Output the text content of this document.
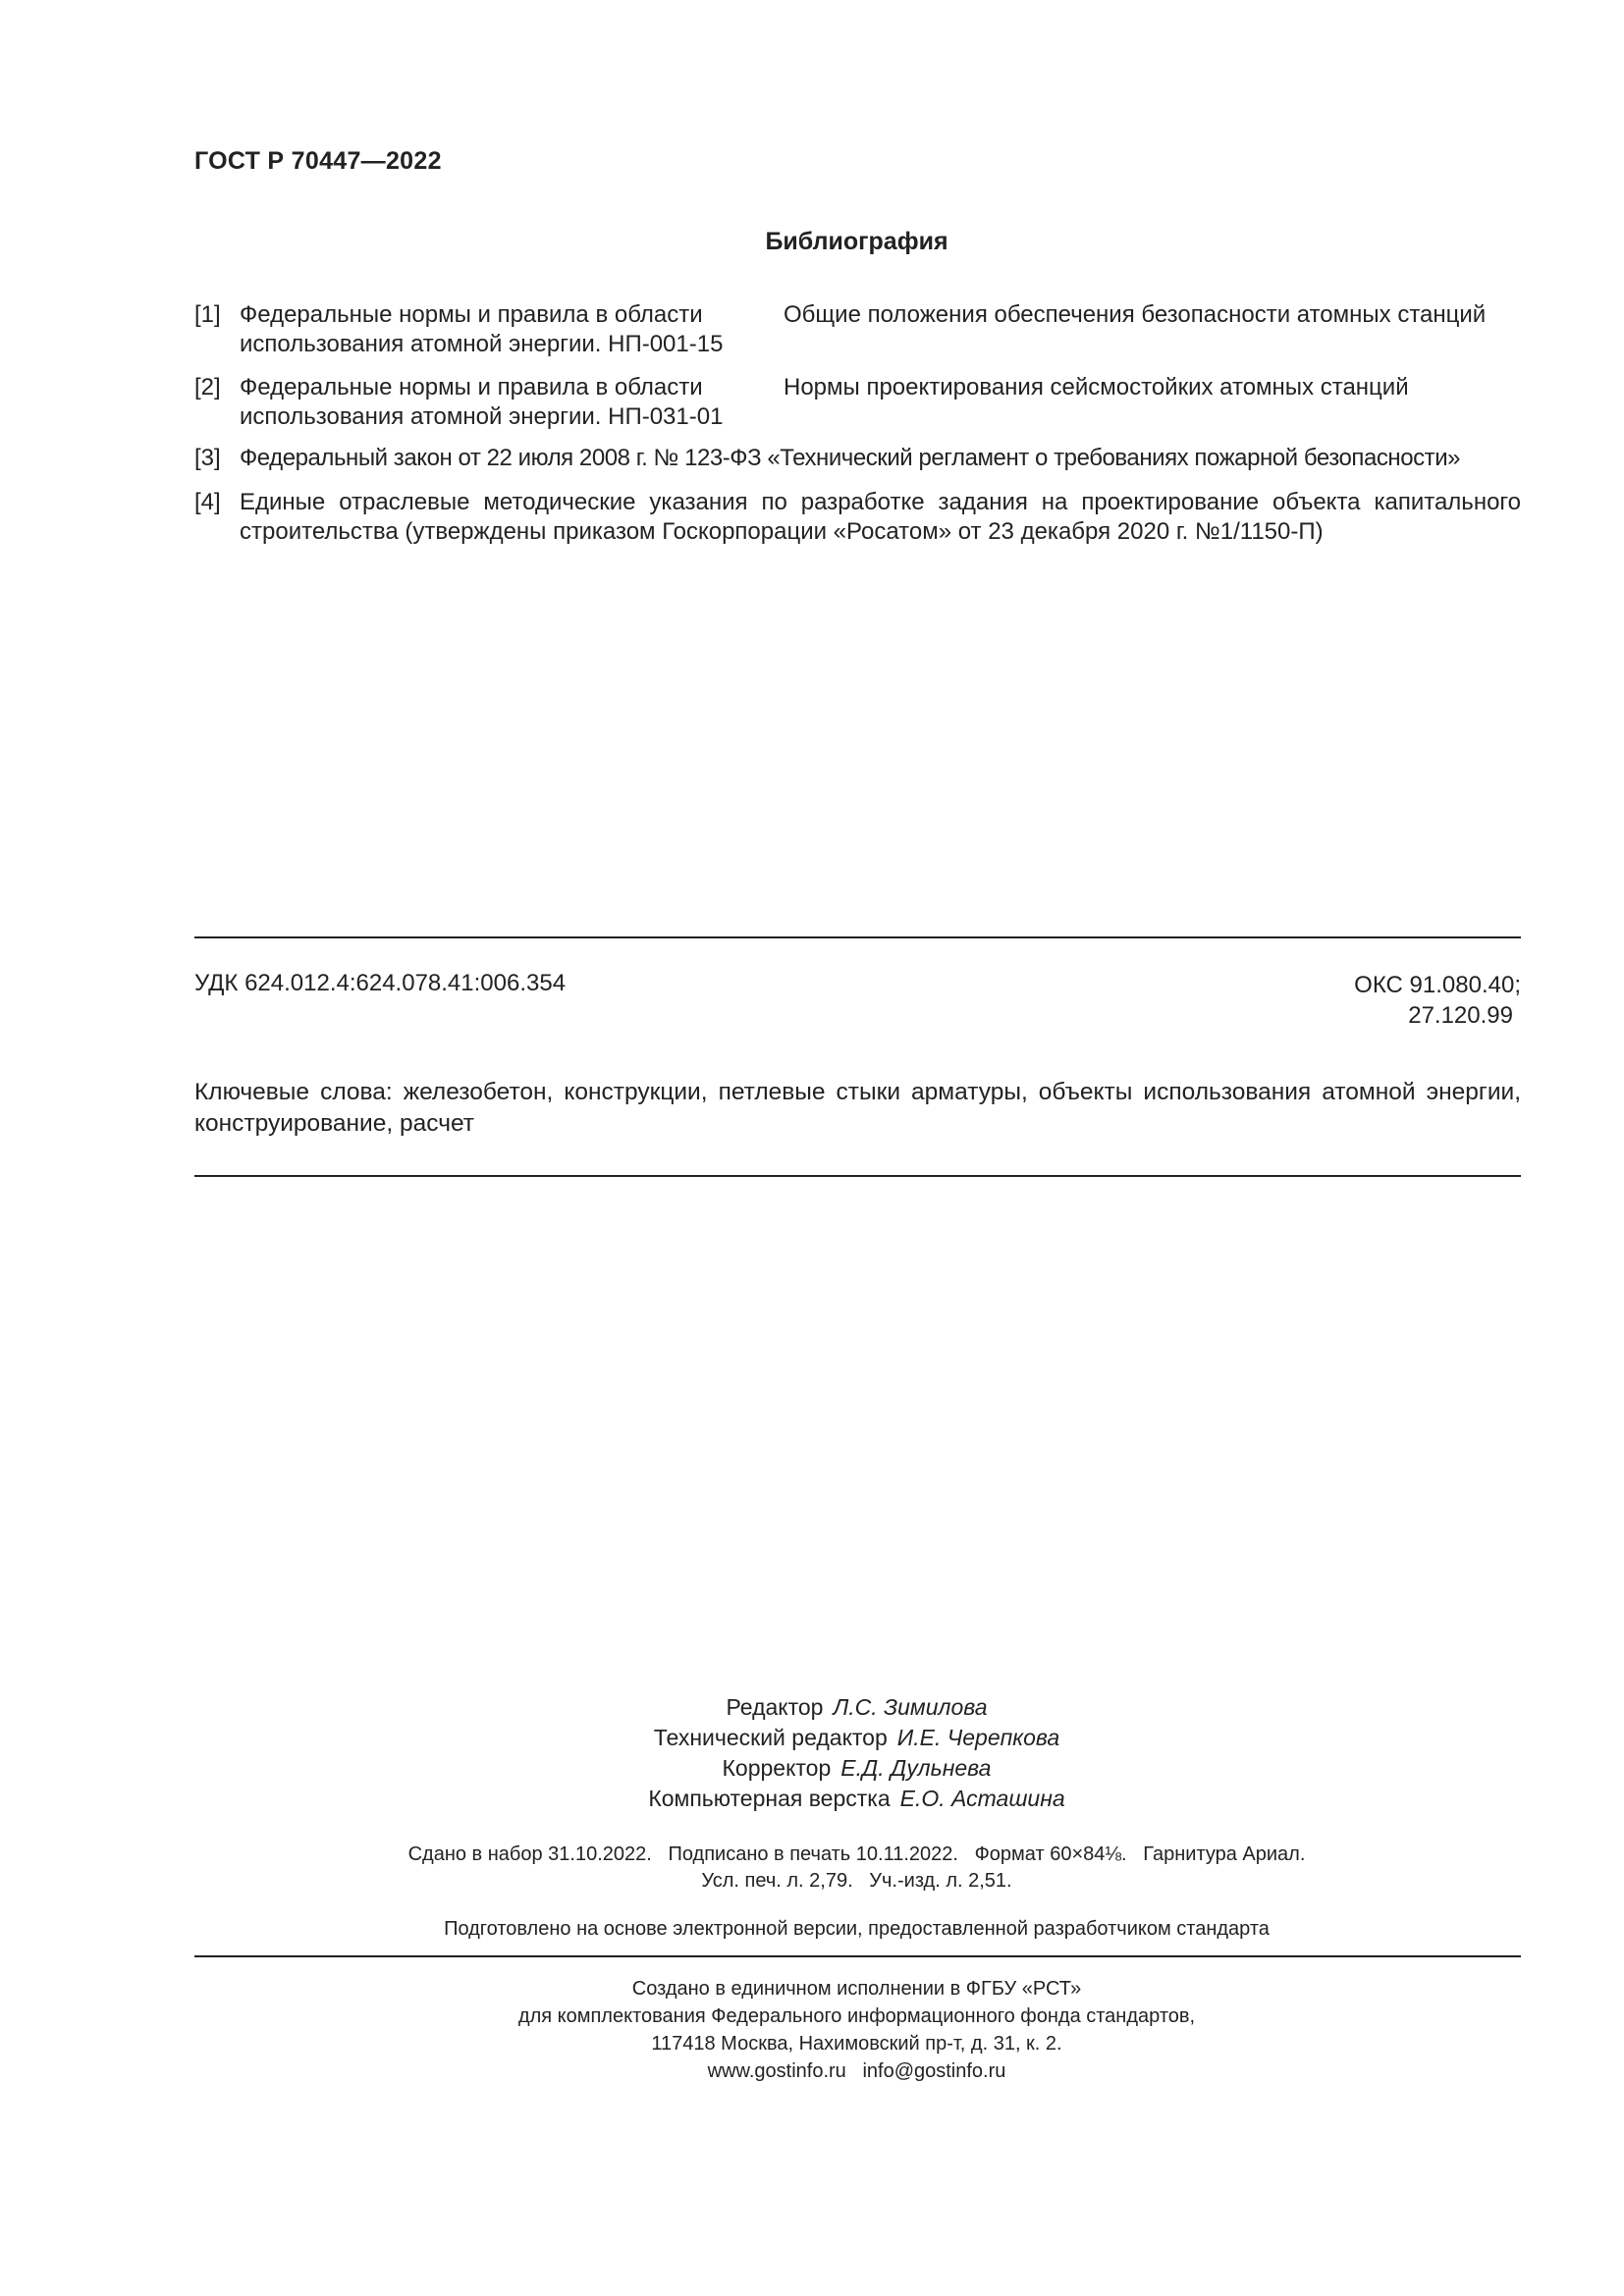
ГОСТ Р 70447—2022
Библиография
[1] Федеральные нормы и правила в области
использования атомной энергии. НП-001-15
Общие положения обеспечения безопасности атомных станций
[2] Федеральные нормы и правила в области
использования атомной энергии. НП-031-01
Нормы проектирования сейсмостойких атомных станций
[3] Федеральный закон от 22 июля 2008 г. № 123-ФЗ «Технический регламент о требованиях пожарной безопасности»
[4] Единые отраслевые методические указания по разработке задания на проектирование объекта капитального строительства (утверждены приказом Госкорпорации «Росатом» от 23 декабря 2020 г. №1/1150-П)
УДК 624.012.4:624.078.41:006.354	ОКС 91.080.40;
27.120.99
Ключевые слова: железобетон, конструкции, петлевые стыки арматуры, объекты использования атомной энергии, конструирование, расчет
Редактор Л.С. Зимилова
Технический редактор И.Е. Черепкова
Корректор Е.Д. Дульнева
Компьютерная верстка Е.О. Асташина
Сдано в набор 31.10.2022.   Подписано в печать 10.11.2022.   Формат 60×84⅛.   Гарнитура Ариал.
Усл. печ. л. 2,79.   Уч.-изд. л. 2,51.
Подготовлено на основе электронной версии, предоставленной разработчиком стандарта
Создано в единичном исполнении в ФГБУ «РСТ»
для комплектования Федерального информационного фонда стандартов,
117418 Москва, Нахимовский пр-т, д. 31, к. 2.
www.gostinfo.ru   info@gostinfo.ru
